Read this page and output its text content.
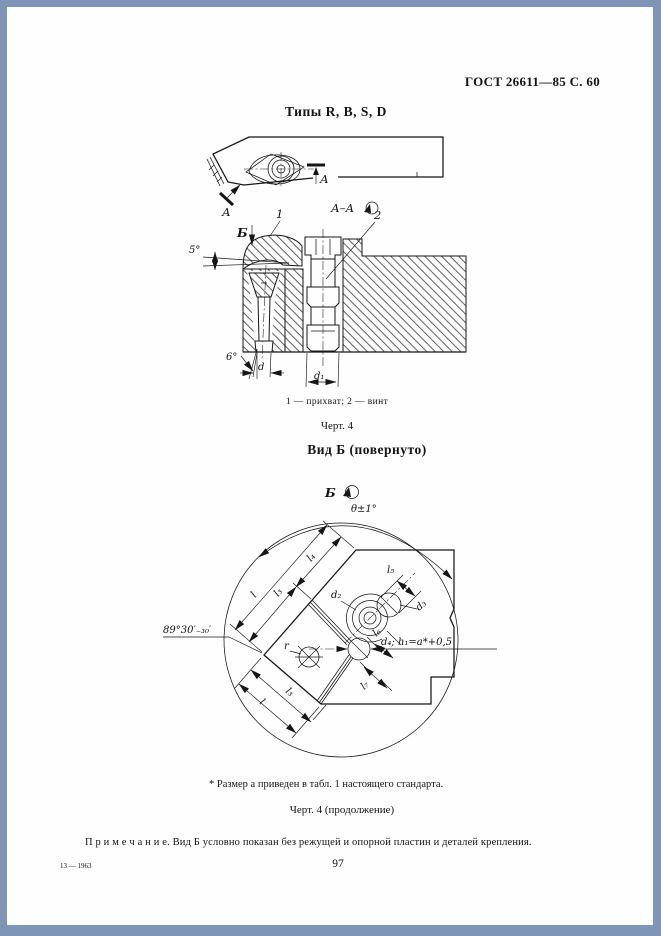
ГОСТ 26611—85 С. 60
Типы R, B, S, D
А
А
А–А
Б
1	2
5°
6°
d
d₁
1 — прихват; 2 — винт
Черт. 4
Вид Б (повернуто)
Б
θ±1°
d₄; h₁=a*+0,5
r
d₂
d₃
l₅
l₆
l₇
l₄
l₃
l
l₃
l
89°30′₋₃₀′
* Размер а приведен в табл. 1 настоящего стандарта.
Черт. 4 (продолжение)
П р и м е ч а н и е. Вид Б условно показан без режущей и опорной пластин и деталей крепления.
13 — 1963	97
